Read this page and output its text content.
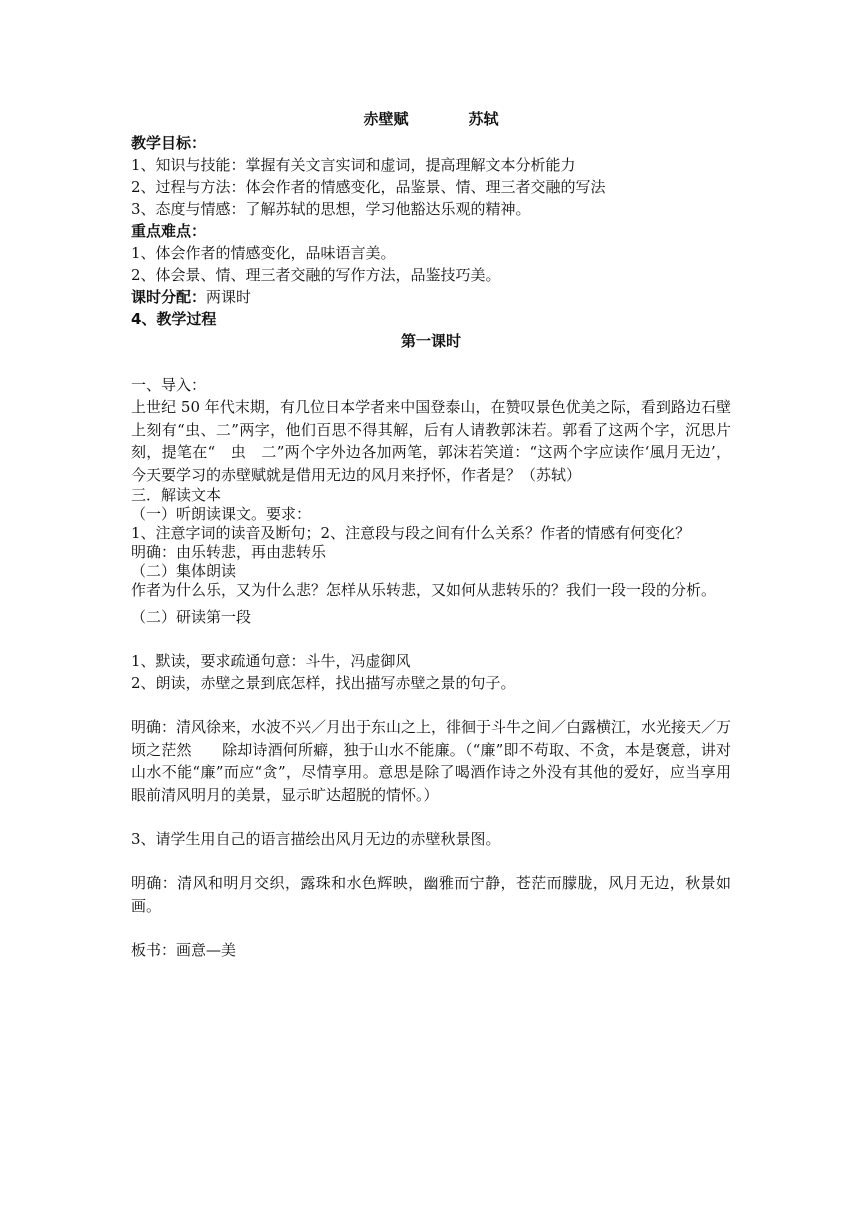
赤壁赋	苏轼
教学目标：
1、知识与技能：掌握有关文言实词和虚词，提高理解文本分析能力
2、过程与方法：体会作者的情感变化，品鉴景、情、理三者交融的写法
3、态度与情感：了解苏轼的思想，学习他豁达乐观的精神。
重点难点：
1、体会作者的情感变化，品味语言美。
2、体会景、情、理三者交融的写作方法，品鉴技巧美。
课时分配：两课时
4、教学过程
第一课时
一、导入：
上世纪 50 年代末期，有几位日本学者来中国登泰山，在赞叹景色优美之际，看到路边石壁上刻有“虫、二”两字，他们百思不得其解，后有人请教郭沫若。郭看了这两个字，沉思片刻，提笔在“　虫　二”两个字外边各加两笔，郭沫若笑道：“这两个字应读作‘風月无边’，今天要学习的赤壁赋就是借用无边的风月来抒怀，作者是？（苏轼）
三．解读文本
（一）听朗读课文。要求：
1、注意字词的读音及断句；2、注意段与段之间有什么关系？作者的情感有何变化？
明确：由乐转悲，再由悲转乐
（二）集体朗读
作者为什么乐，又为什么悲？怎样从乐转悲，又如何从悲转乐的？我们一段一段的分析。
（二）研读第一段
1、默读，要求疏通句意：斗牛，冯虚御风
2、朗读，赤壁之景到底怎样，找出描写赤壁之景的句子。
明确：清风徐来，水波不兴／月出于东山之上，徘徊于斗牛之间／白露横江，水光接天／万顷之茫然　　除却诗酒何所癖，独于山水不能廉。（“廉”即不苟取、不贪，本是褒意，讲对山水不能“廉”而应“贪”，尽情享用。意思是除了喝酒作诗之外没有其他的爱好，应当享用眼前清风明月的美景，显示旷达超脱的情怀。）
3、请学生用自己的语言描绘出风月无边的赤壁秋景图。
明确：清风和明月交织，露珠和水色辉映，幽雅而宁静，苍茫而朦胧，风月无边，秋景如画。
板书：画意—美
